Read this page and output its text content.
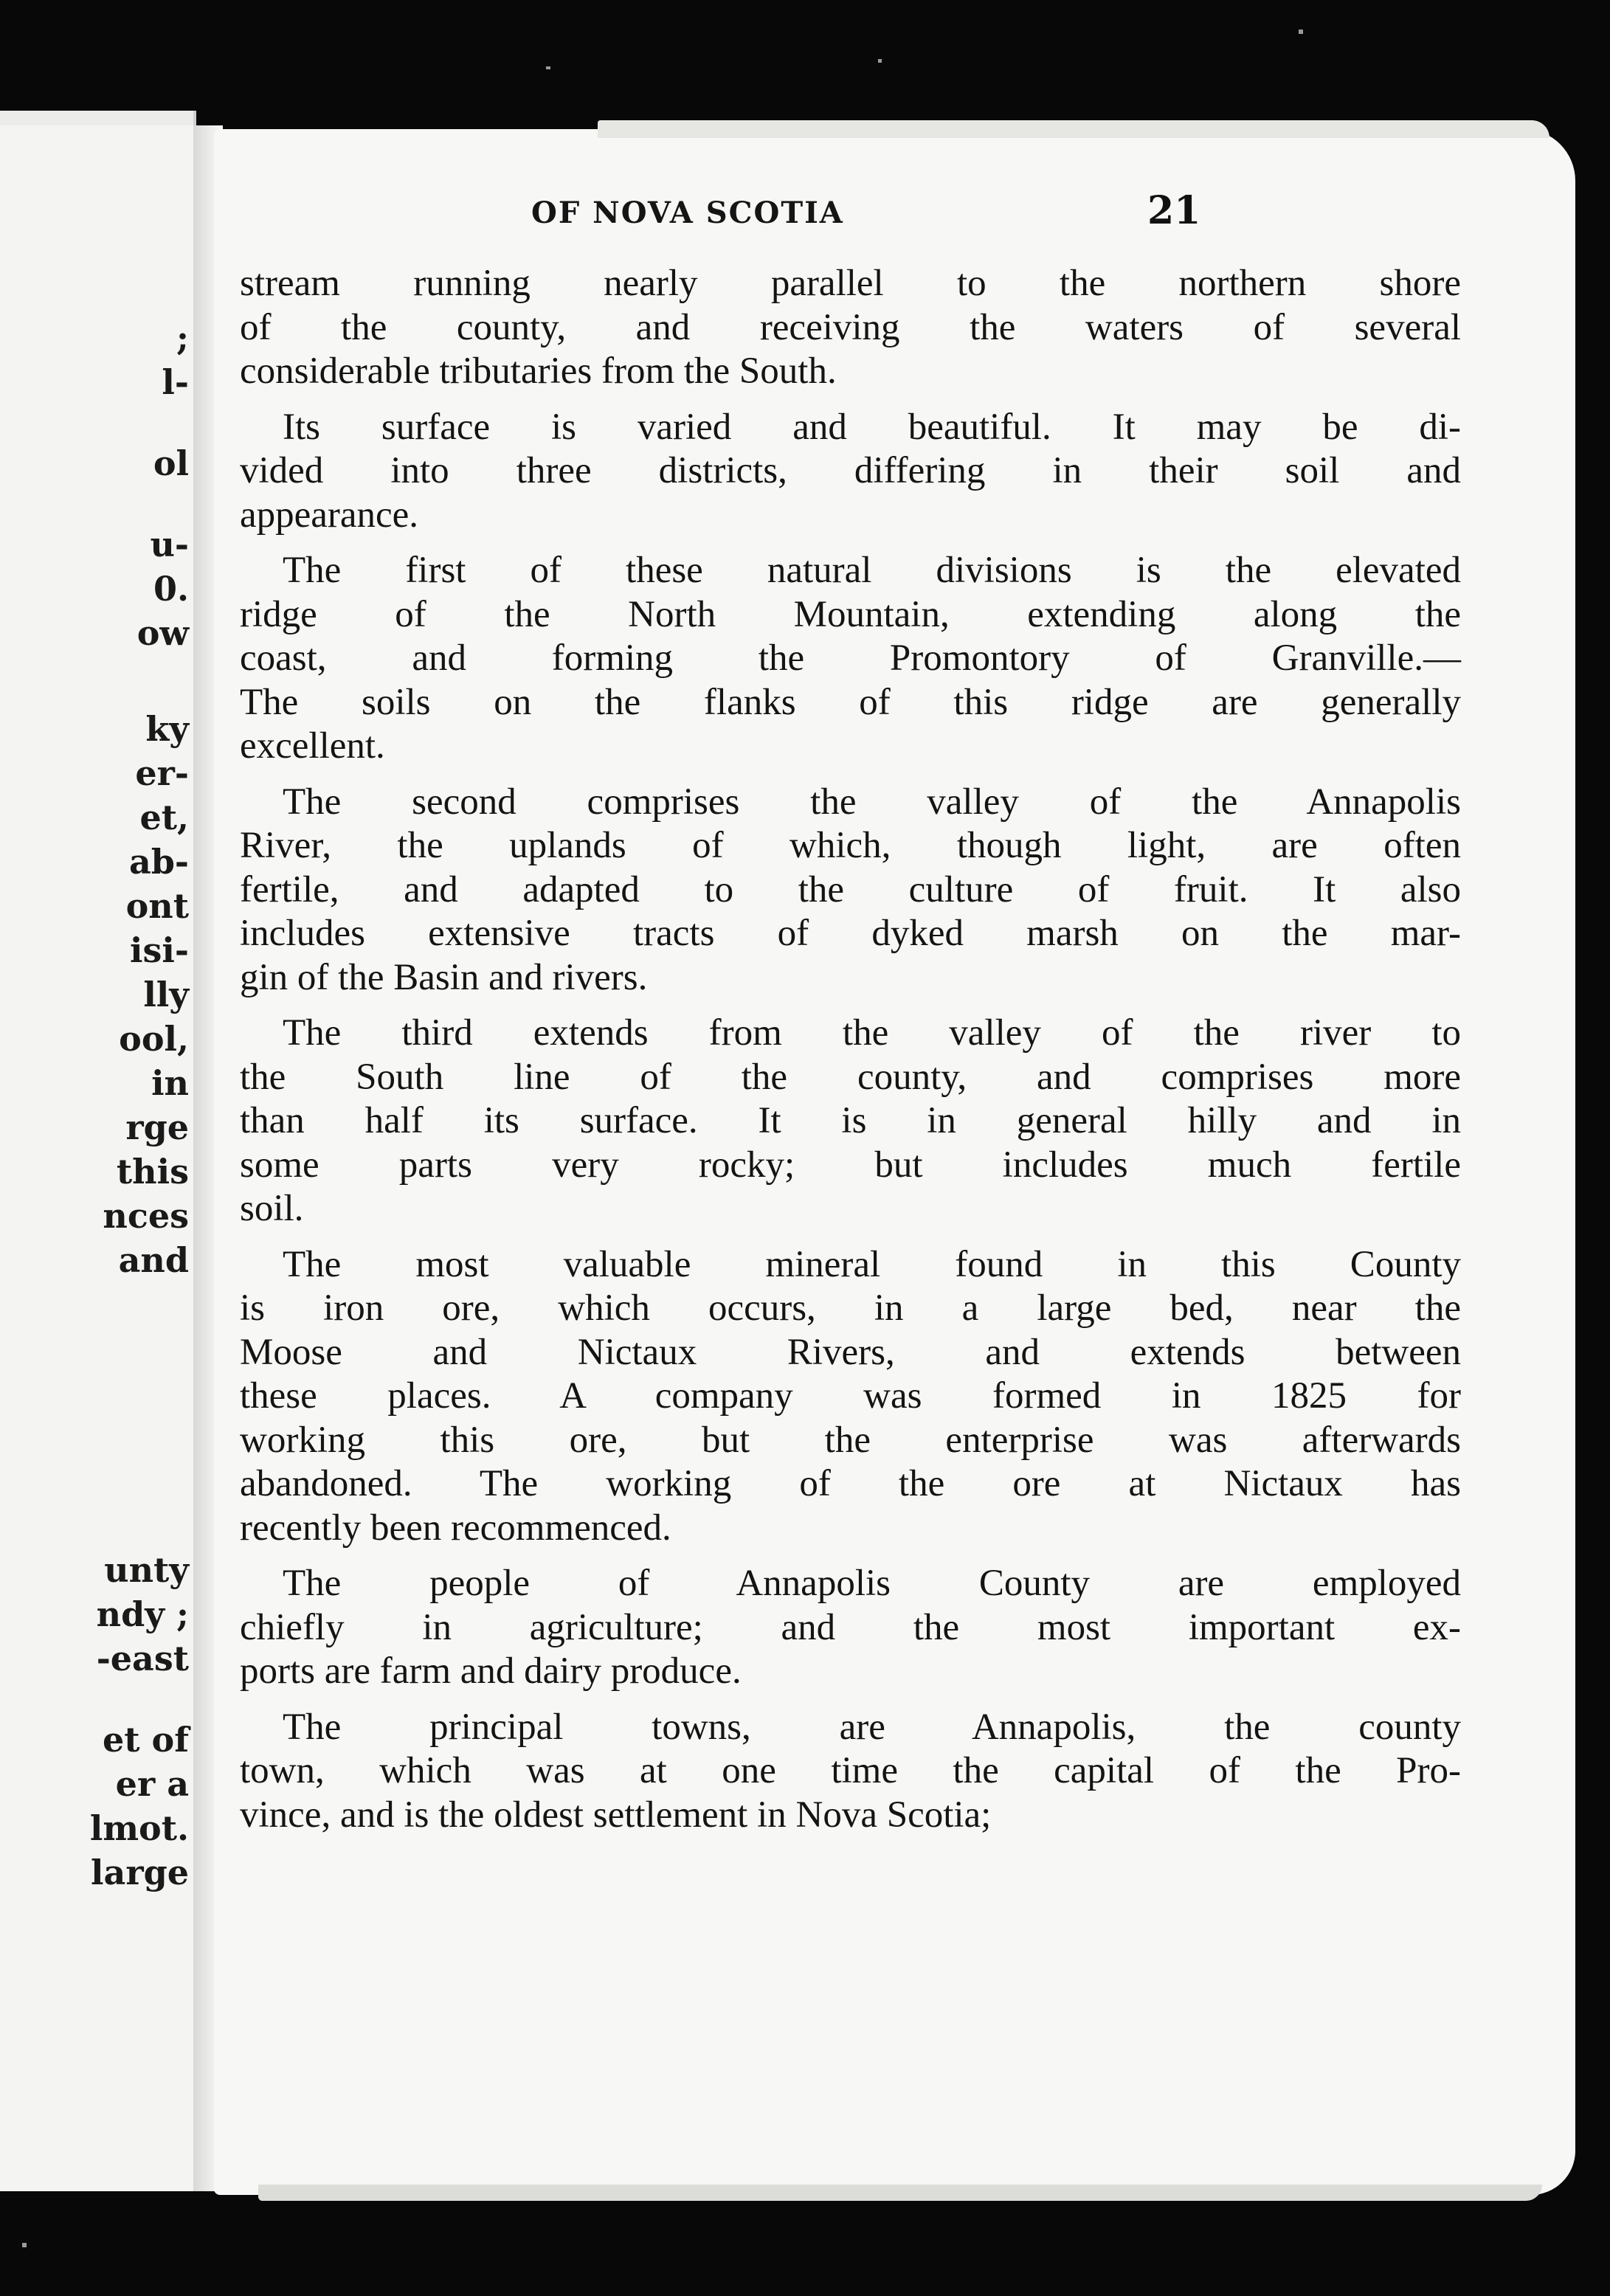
;
l-
ol
u-
0.
ow
ky
er-
et,
ab-
ont
isi-
lly
ool,
in
rge
this
nces
and
unty
ndy ;
-east
et of
er a
lmot.
large
OF NOVA SCOTIA	21

stream running nearly parallel to the northern shore
of the county, and receiving the waters of several
considerable tributaries from the South.

Its surface is varied and beautiful. It may be di-
vided into three districts, differing in their soil and
appearance.

The first of these natural divisions is the elevated
ridge of the North Mountain, extending along the
coast, and forming the Promontory of Granville.—
The soils on the flanks of this ridge are generally
excellent.

The second comprises the valley of the Annapolis
River, the uplands of which, though light, are often
fertile, and adapted to the culture of fruit. It also
includes extensive tracts of dyked marsh on the mar-
gin of the Basin and rivers.

The third extends from the valley of the river to
the South line of the county, and comprises more
than half its surface. It is in general hilly and in
some parts very rocky; but includes much fertile
soil.

The most valuable mineral found in this County
is iron ore, which occurs, in a large bed, near the
Moose and Nictaux Rivers, and extends between
these places. A company was formed in 1825 for
working this ore, but the enterprise was afterwards
abandoned. The working of the ore at Nictaux has
recently been recommenced.

The people of Annapolis County are employed
chiefly in agriculture; and the most important ex-
ports are farm and dairy produce.

The principal towns, are Annapolis, the county
town, which was at one time the capital of the Pro-
vince, and is the oldest settlement in Nova Scotia;
